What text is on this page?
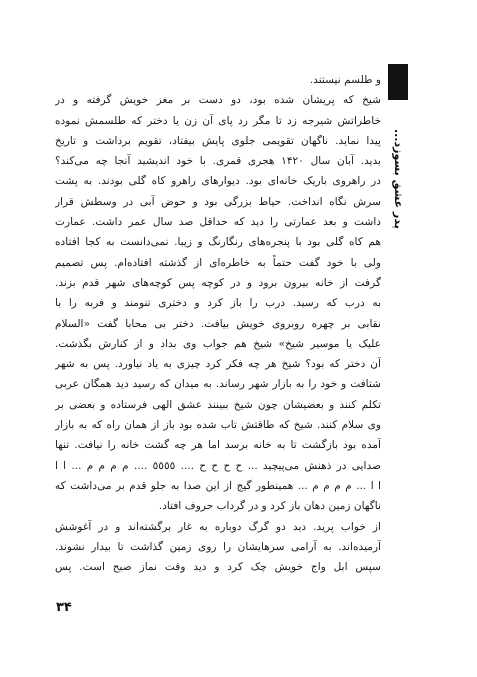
پدر عشق بسوزد...
و طلسم نیستند.
شیخ که پریشان شده بود، دو دست بر مغز خویش گرفته و در
خاطراتش شیرجه زد تا مگر رد پای آن زن یا دختر که طلسمش نموده
پیدا نماید. ناگهان تقویمی جلوی پایش بیفتاد، تقویم برداشت و تاریخ
بدید. آبان سال ۱۴۲۰ هجری قمری. با خود اندیشید آنجا چه می‌کند؟
در راهروی باریک خانه‌ای بود. دیوارهای راهرو کاه گلی بودند. به پشت
سرش نگاه انداخت. حیاط بزرگی بود و حوض آبی در وسطش قرار
داشت و بعد عمارتی را دید که حداقل صد سال عمر داشت. عمارت
هم کاه گلی بود با پنجره‌های رنگارنگ و زیبا. نمی‌دانست به کجا افتاده
ولی با خود گفت حتماً به خاطره‌ای از گذشته افتاده‌ام. پس تصمیم
گرفت از خانه بیرون برود و در کوچه پس کوچه‌های شهر قدم بزند.
به درب که رسید. درب را باز کرد و دختری تنومند و فربه را با
نقابی بر چهره روبروی خویش بیافت. دختر بی محابا گفت «السلام
علیک یا موسیر شیخ» شیخ هم جواب وی بداد و از کنارش بگذشت.
آن دختر که بود؟ شیخ هر چه فکر کرد چیزی به یاد نیاورد. پس به شهر
شتافت و خود را به بازار شهر رساند. به میدان که رسید دید همگان عربی
تکلم کنند و بعضیشان چون شیخ ببینند عشق الهی فرستاده و بعضی بر
وی سلام کنند. شیخ که طاقتش تاب شده بود باز از همان راه که به بازار
آمده بود بازگشت تا به خانه برسد اما هر چه گشت خانه را نیافت. تنها
صدایی در ذهنش می‌پیچید ... ح ح ح ح .... ٥٥٥٥ .... م م م م ... ا ا
ا ا ... م م م م ... همینطور گیج از این صدا به جلو قدم بر می‌داشت که
ناگهان زمین دهان باز کرد و در گرداب حروف افتاد.
از خواب پرید. دید دو گرگ دوباره به غار برگشته‌اند و در آغوشش
آرمیده‌اند. به آرامی سرهایشان را روی زمین گذاشت تا بیدار نشوند.
سپس ابل واج خویش چک کرد و دید وقت نماز صبح است. پس
۳۴
